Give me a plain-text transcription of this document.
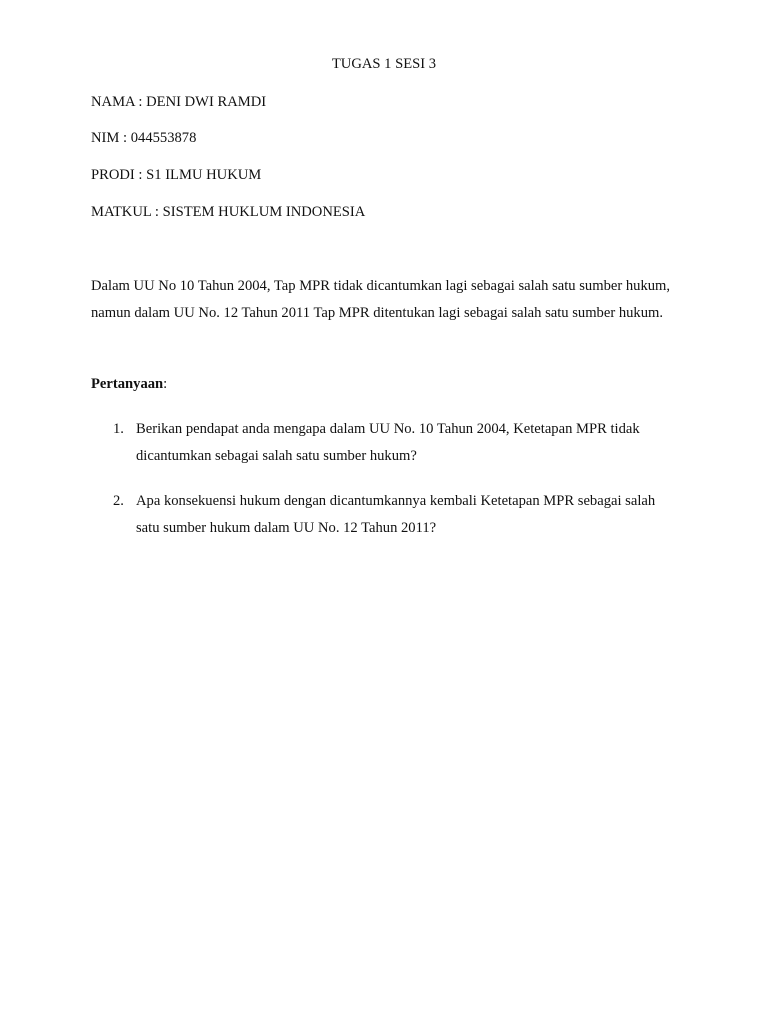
TUGAS 1 SESI 3
NAMA : DENI DWI RAMDI
NIM : 044553878
PRODI : S1 ILMU HUKUM
MATKUL : SISTEM HUKLUM INDONESIA

Dalam UU No 10 Tahun 2004, Tap MPR tidak dicantumkan lagi sebagai salah satu sumber hukum, namun dalam UU No. 12 Tahun 2011 Tap MPR ditentukan lagi sebagai salah satu sumber hukum.

Pertanyaan:
1. Berikan pendapat anda mengapa dalam UU No. 10 Tahun 2004, Ketetapan MPR tidak dicantumkan sebagai salah satu sumber hukum?
2. Apa konsekuensi hukum dengan dicantumkannya kembali Ketetapan MPR sebagai salah satu sumber hukum dalam UU No. 12 Tahun 2011?
